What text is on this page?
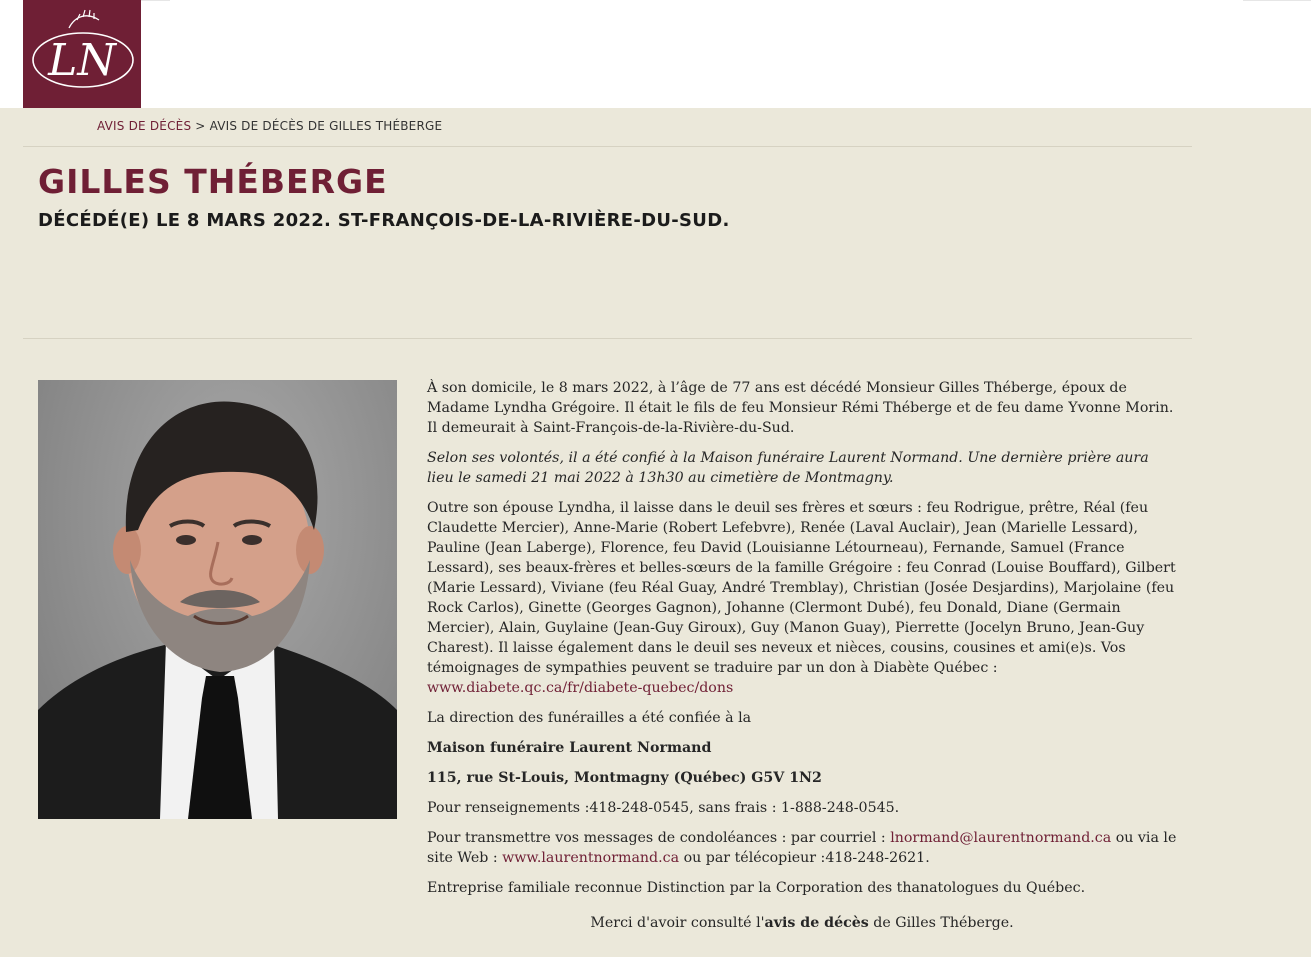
LN
AVIS DE DÉCÈS > AVIS DE DÉCÈS DE GILLES THÉBERGE
GILLES THÉBERGE
DÉCÉDÉ(E) LE 8 MARS 2022. ST-FRANÇOIS-DE-LA-RIVIÈRE-DU-SUD.

À son domicile, le 8 mars 2022, à l’âge de 77 ans est décédé Monsieur Gilles Théberge, époux de Madame Lyndha Grégoire. Il était le fils de feu Monsieur Rémi Théberge et de feu dame Yvonne Morin. Il demeurait à Saint-François-de-la-Rivière-du-Sud.

Selon ses volontés, il a été confié à la Maison funéraire Laurent Normand. Une dernière prière aura lieu le samedi 21 mai 2022 à 13h30 au cimetière de Montmagny.

Outre son épouse Lyndha, il laisse dans le deuil ses frères et sœurs : feu Rodrigue, prêtre, Réal (feu Claudette Mercier), Anne-Marie (Robert Lefebvre), Renée (Laval Auclair), Jean (Marielle Lessard), Pauline (Jean Laberge), Florence, feu David (Louisianne Létourneau), Fernande, Samuel (France Lessard), ses beaux-frères et belles-sœurs de la famille Grégoire : feu Conrad (Louise Bouffard), Gilbert (Marie Lessard), Viviane (feu Réal Guay, André Tremblay), Christian (Josée Desjardins), Marjolaine (feu Rock Carlos), Ginette (Georges Gagnon), Johanne (Clermont Dubé), feu Donald, Diane (Germain Mercier), Alain, Guylaine (Jean-Guy Giroux), Guy (Manon Guay), Pierrette (Jocelyn Bruno, Jean-Guy Charest). Il laisse également dans le deuil ses neveux et nièces, cousins, cousines et ami(e)s. Vos témoignages de sympathies peuvent se traduire par un don à Diabète Québec : www.diabete.qc.ca/fr/diabete-quebec/dons

La direction des funérailles a été confiée à la

Maison funéraire Laurent Normand

115, rue St-Louis, Montmagny (Québec) G5V 1N2

Pour renseignements :418-248-0545, sans frais : 1-888-248-0545.

Pour transmettre vos messages de condoléances : par courriel : lnormand@laurentnormand.ca ou via le site Web : www.laurentnormand.ca ou par télécopieur :418-248-2621.

Entreprise familiale reconnue Distinction par la Corporation des thanatologues du Québec.

Merci d'avoir consulté l'avis de décès de Gilles Théberge.
